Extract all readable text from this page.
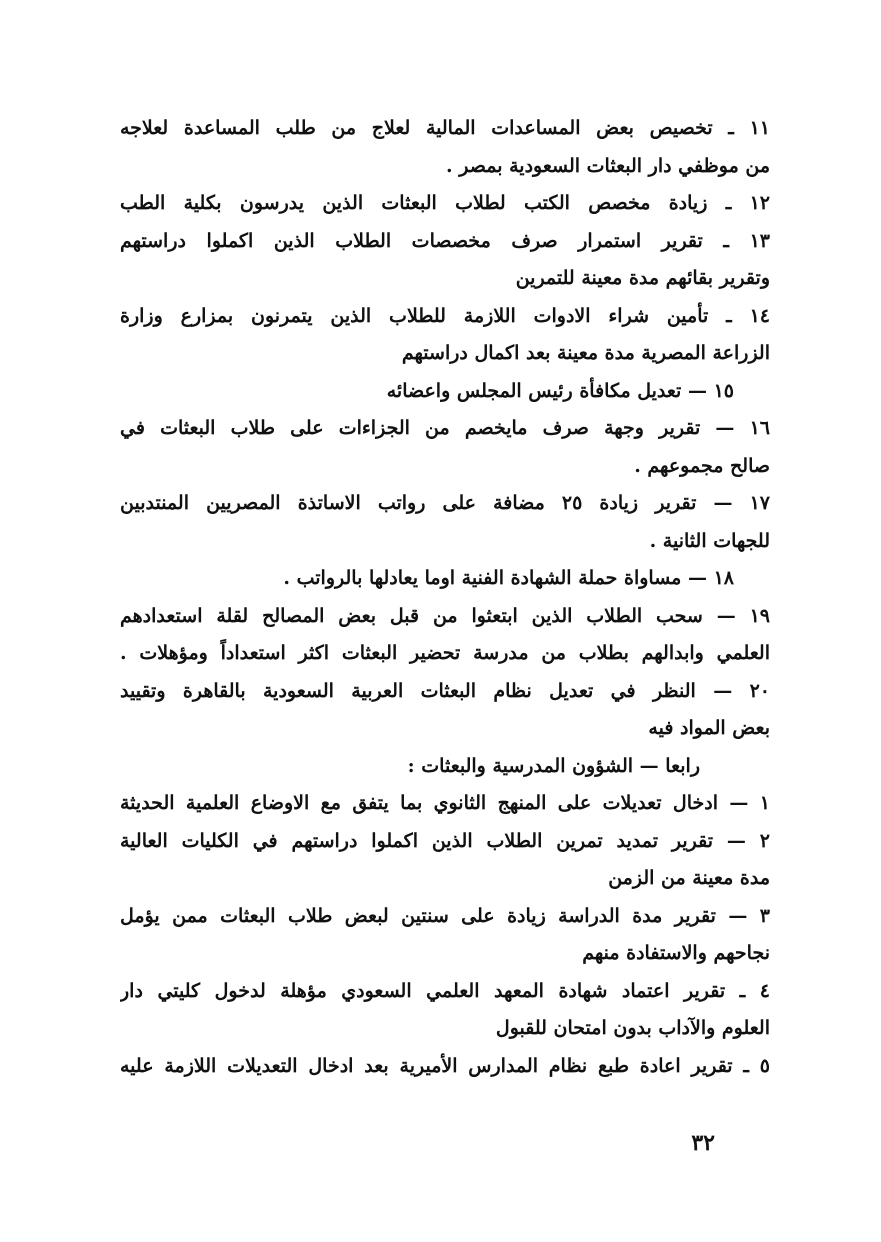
١١ ـ تخصيص بعض المساعدات المالية لعلاج من طلب المساعدة لعلاجه
من موظفي دار البعثات السعودية بمصر .
١٢ ـ زيادة مخصص الكتب لطلاب البعثات الذين يدرسون بكلية الطب
١٣ ـ تقرير استمرار صرف مخصصات الطلاب الذين اكملوا دراستهم
وتقرير بقائهم مدة معينة للتمرين
١٤ ـ تأمين شراء الادوات اللازمة للطلاب الذين يتمرنون بمزارع وزارة
الزراعة المصرية مدة معينة بعد اكمال دراستهم
١٥ — تعديل مكافأة رئيس المجلس واعضائه
١٦ — تقرير وجهة صرف مايخصم من الجزاءات على طلاب البعثات في
صالح مجموعهم .
١٧ — تقرير زيادة ٢٥ مضافة على رواتب الاساتذة المصريين المنتدبين
للجهات الثانية .
١٨ — مساواة حملة الشهادة الفنية اوما يعادلها بالرواتب .
١٩ — سحب الطلاب الذين ابتعثوا من قبل بعض المصالح لقلة استعدادهم
العلمي وابدالهم بطلاب من مدرسة تحضير البعثات اكثر استعداداً ومؤهلات .
٢٠ — النظر في تعديل نظام البعثات العربية السعودية بالقاهرة وتقييد
بعض المواد فيه
رابعا — الشؤون المدرسية والبعثات :
١ — ادخال تعديلات على المنهج الثانوي بما يتفق مع الاوضاع العلمية الحديثة
٢ — تقرير تمديد تمرين الطلاب الذين اكملوا دراستهم في الكليات العالية
مدة معينة من الزمن
٣ — تقرير مدة الدراسة زيادة على سنتين لبعض طلاب البعثات ممن يؤمل
نجاحهم والاستفادة منهم
٤ ـ تقرير اعتماد شهادة المعهد العلمي السعودي مؤهلة لدخول كليتي دار
العلوم والآداب بدون امتحان للقبول
٥ ـ تقرير اعادة طبع نظام المدارس الأميرية بعد ادخال التعديلات اللازمة عليه
٣٢
